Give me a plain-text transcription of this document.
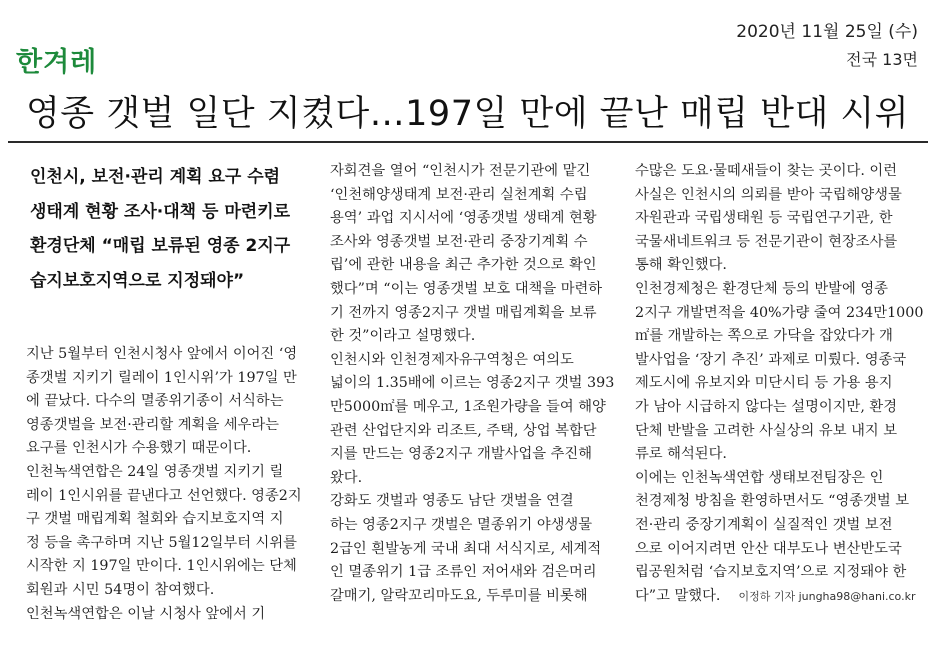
한겨레
2020년 11월 25일 (수)
전국 13면
영종 갯벌 일단 지켰다…197일 만에 끝난 매립 반대 시위
인천시, 보전·관리 계획 요구 수렴
생태계 현황 조사·대책 등 마련키로
환경단체 “매립 보류된 영종 2지구
습지보호지역으로 지정돼야”
지난 5월부터 인천시청사 앞에서 이어진 ‘영
종갯벌 지키기 릴레이 1인시위’가 197일 만
에 끝났다. 다수의 멸종위기종이 서식하는
영종갯벌을 보전·관리할 계획을 세우라는
요구를 인천시가 수용했기 때문이다.
인천녹색연합은 24일 영종갯벌 지키기 릴
레이 1인시위를 끝낸다고 선언했다. 영종2지
구 갯벌 매립계획 철회와 습지보호지역 지
정 등을 촉구하며 지난 5월12일부터 시위를
시작한 지 197일 만이다. 1인시위에는 단체
회원과 시민 54명이 참여했다.
인천녹색연합은 이날 시청사 앞에서 기
자회견을 열어 “인천시가 전문기관에 맡긴
‘인천해양생태계 보전·관리 실천계획 수립
용역’ 과업 지시서에 ‘영종갯벌 생태계 현황
조사와 영종갯벌 보전·관리 중장기계획 수
립’에 관한 내용을 최근 추가한 것으로 확인
했다”며 “이는 영종갯벌 보호 대책을 마련하
기 전까지 영종2지구 갯벌 매립계획을 보류
한 것”이라고 설명했다.
인천시와 인천경제자유구역청은 여의도
넓이의 1.35배에 이르는 영종2지구 갯벌 393
만5000㎡를 메우고, 1조원가량을 들여 해양
관련 산업단지와 리조트, 주택, 상업 복합단
지를 만드는 영종2지구 개발사업을 추진해
왔다.
강화도 갯벌과 영종도 남단 갯벌을 연결
하는 영종2지구 갯벌은 멸종위기 야생생물
2급인 흰발농게 국내 최대 서식지로, 세계적
인 멸종위기 1급 조류인 저어새와 검은머리
갈매기, 알락꼬리마도요, 두루미를 비롯해
수많은 도요·물떼새들이 찾는 곳이다. 이런
사실은 인천시의 의뢰를 받아 국립해양생물
자원관과 국립생태원 등 국립연구기관, 한
국물새네트워크 등 전문기관이 현장조사를
통해 확인했다.
인천경제청은 환경단체 등의 반발에 영종
2지구 개발면적을 40%가량 줄여 234만1000
㎡를 개발하는 쪽으로 가닥을 잡았다가 개
발사업을 ‘장기 추진’ 과제로 미뤘다. 영종국
제도시에 유보지와 미단시티 등 가용 용지
가 남아 시급하지 않다는 설명이지만, 환경
단체 반발을 고려한 사실상의 유보 내지 보
류로 해석된다.
이에는 인천녹색연합 생태보전팀장은 인
천경제청 방침을 환영하면서도 “영종갯벌 보
전·관리 중장기계획이 실질적인 갯벌 보전
으로 이어지려면 안산 대부도나 변산반도국
립공원처럼 ‘습지보호지역’으로 지정돼야 한
다”고 말했다. 이정하 기자 jungha98@hani.co.kr
